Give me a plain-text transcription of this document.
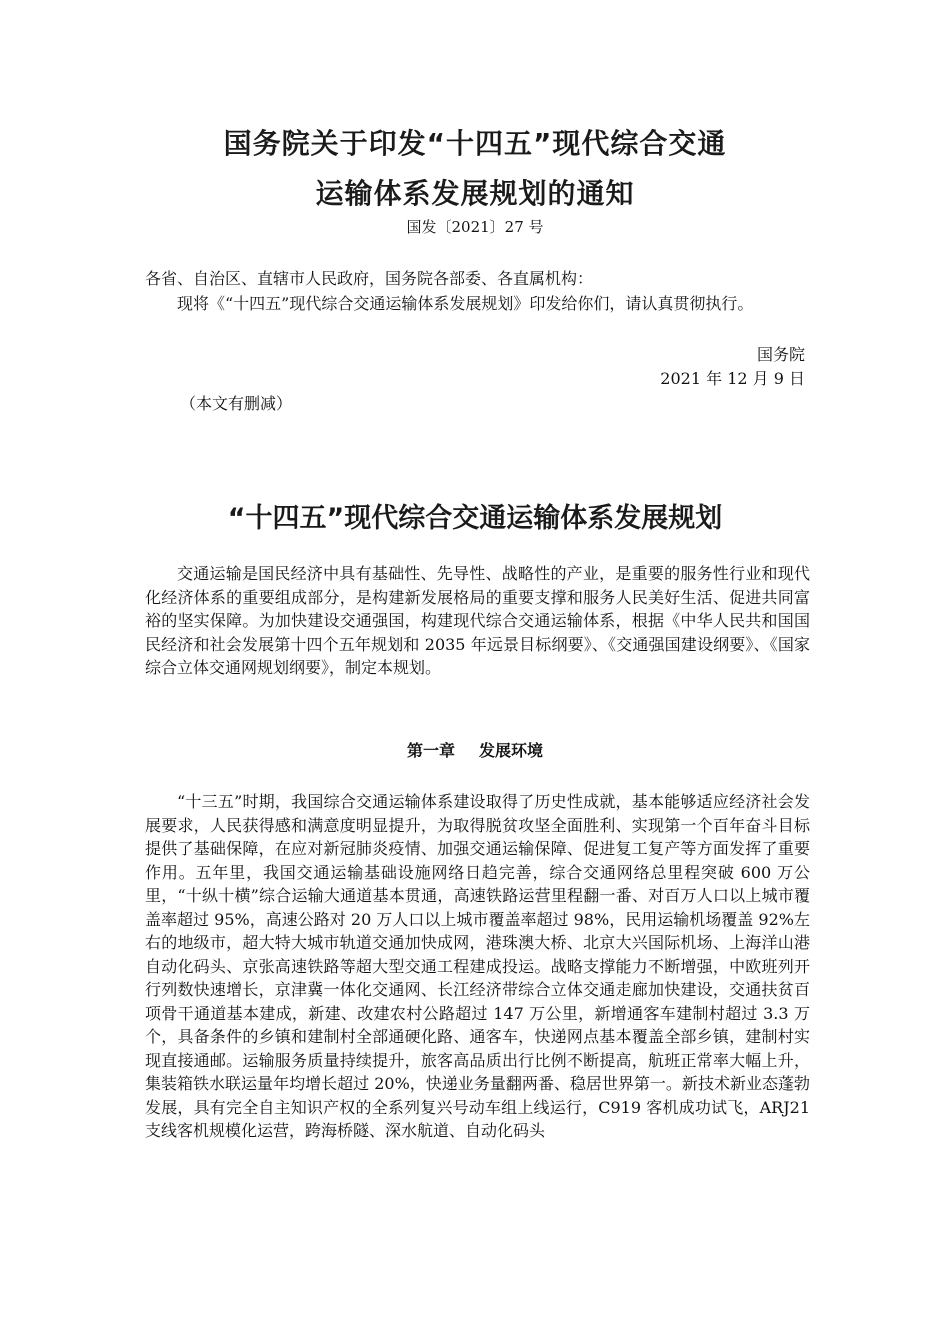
国务院关于印发“十四五”现代综合交通
运输体系发展规划的通知
国发〔2021〕27 号

各省、自治区、直辖市人民政府，国务院各部委、各直属机构：

现将《“十四五”现代综合交通运输体系发展规划》印发给你们，请认真贯彻执行。

国务院
2021 年 12 月 9 日
（本文有删减）
“十四五”现代综合交通运输体系发展规划

交通运输是国民经济中具有基础性、先导性、战略性的产业，是重要的服务性行业和现代化经济体系的重要组成部分，是构建新发展格局的重要支撑和服务人民美好生活、促进共同富裕的坚实保障。为加快建设交通强国，构建现代综合交通运输体系，根据《中华人民共和国国民经济和社会发展第十四个五年规划和 2035 年远景目标纲要》、《交通强国建设纲要》、《国家综合立体交通网规划纲要》，制定本规划。

第一章 发展环境

“十三五”时期，我国综合交通运输体系建设取得了历史性成就，基本能够适应经济社会发展要求，人民获得感和满意度明显提升，为取得脱贫攻坚全面胜利、实现第一个百年奋斗目标提供了基础保障，在应对新冠肺炎疫情、加强交通运输保障、促进复工复产等方面发挥了重要作用。五年里，我国交通运输基础设施网络日趋完善，综合交通网络总里程突破 600 万公里，“十纵十横”综合运输大通道基本贯通，高速铁路运营里程翻一番、对百万人口以上城市覆盖率超过 95%，高速公路对 20 万人口以上城市覆盖率超过 98%，民用运输机场覆盖 92%左右的地级市，超大特大城市轨道交通加快成网，港珠澳大桥、北京大兴国际机场、上海洋山港自动化码头、京张高速铁路等超大型交通工程建成投运。战略支撑能力不断增强，中欧班列开行列数快速增长，京津冀一体化交通网、长江经济带综合立体交通走廊加快建设，交通扶贫百项骨干通道基本建成，新建、改建农村公路超过 147 万公里，新增通客车建制村超过 3.3 万个，具备条件的乡镇和建制村全部通硬化路、通客车，快递网点基本覆盖全部乡镇，建制村实现直接通邮。运输服务质量持续提升，旅客高品质出行比例不断提高，航班正常率大幅上升，集装箱铁水联运量年均增长超过 20%，快递业务量翻两番、稳居世界第一。新技术新业态蓬勃发展，具有完全自主知识产权的全系列复兴号动车组上线运行，C919 客机成功试飞，ARJ21 支线客机规模化运营，跨海桥隧、深水航道、自动化码头
